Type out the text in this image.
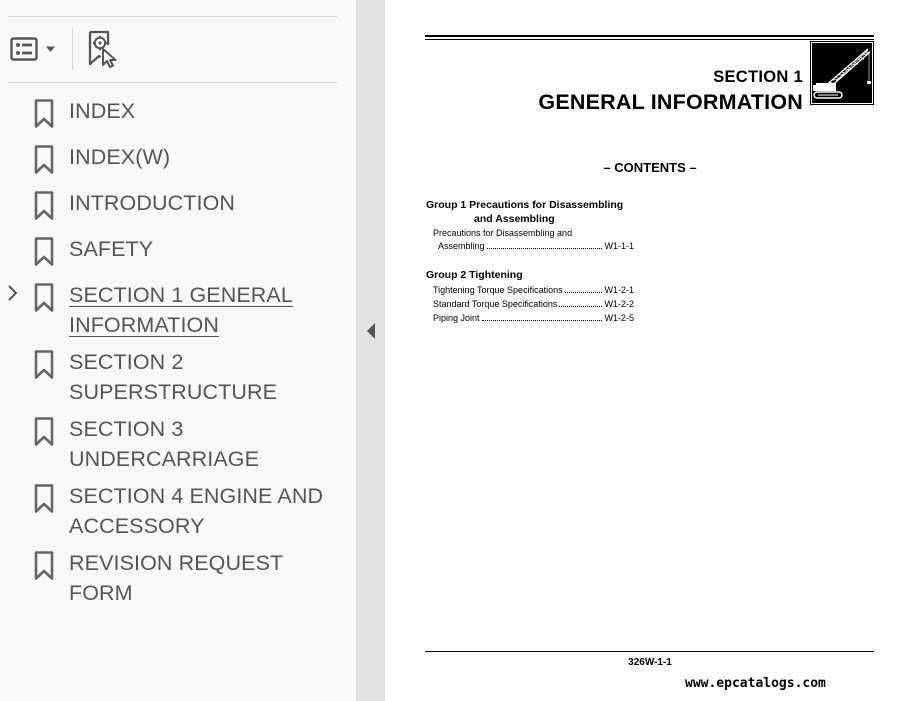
INDEX
INDEX(W)
INTRODUCTION
SAFETY
SECTION 1 GENERAL INFORMATION
SECTION 2 SUPERSTRUCTURE
SECTION 3 UNDERCARRIAGE
SECTION 4 ENGINE AND ACCESSORY
REVISION REQUEST FORM
SECTION 1
GENERAL INFORMATION
– CONTENTS –
Group 1 Precautions for Disassembling
and Assembling
Precautions for Disassembling and
Assembling	W1-1-1
Group 2 Tightening
Tightening Torque Specifications	W1-2-1
Standard Torque Specifications	W1-2-2
Piping Joint	W1-2-5
326W-1-1
www.epcatalogs.com
